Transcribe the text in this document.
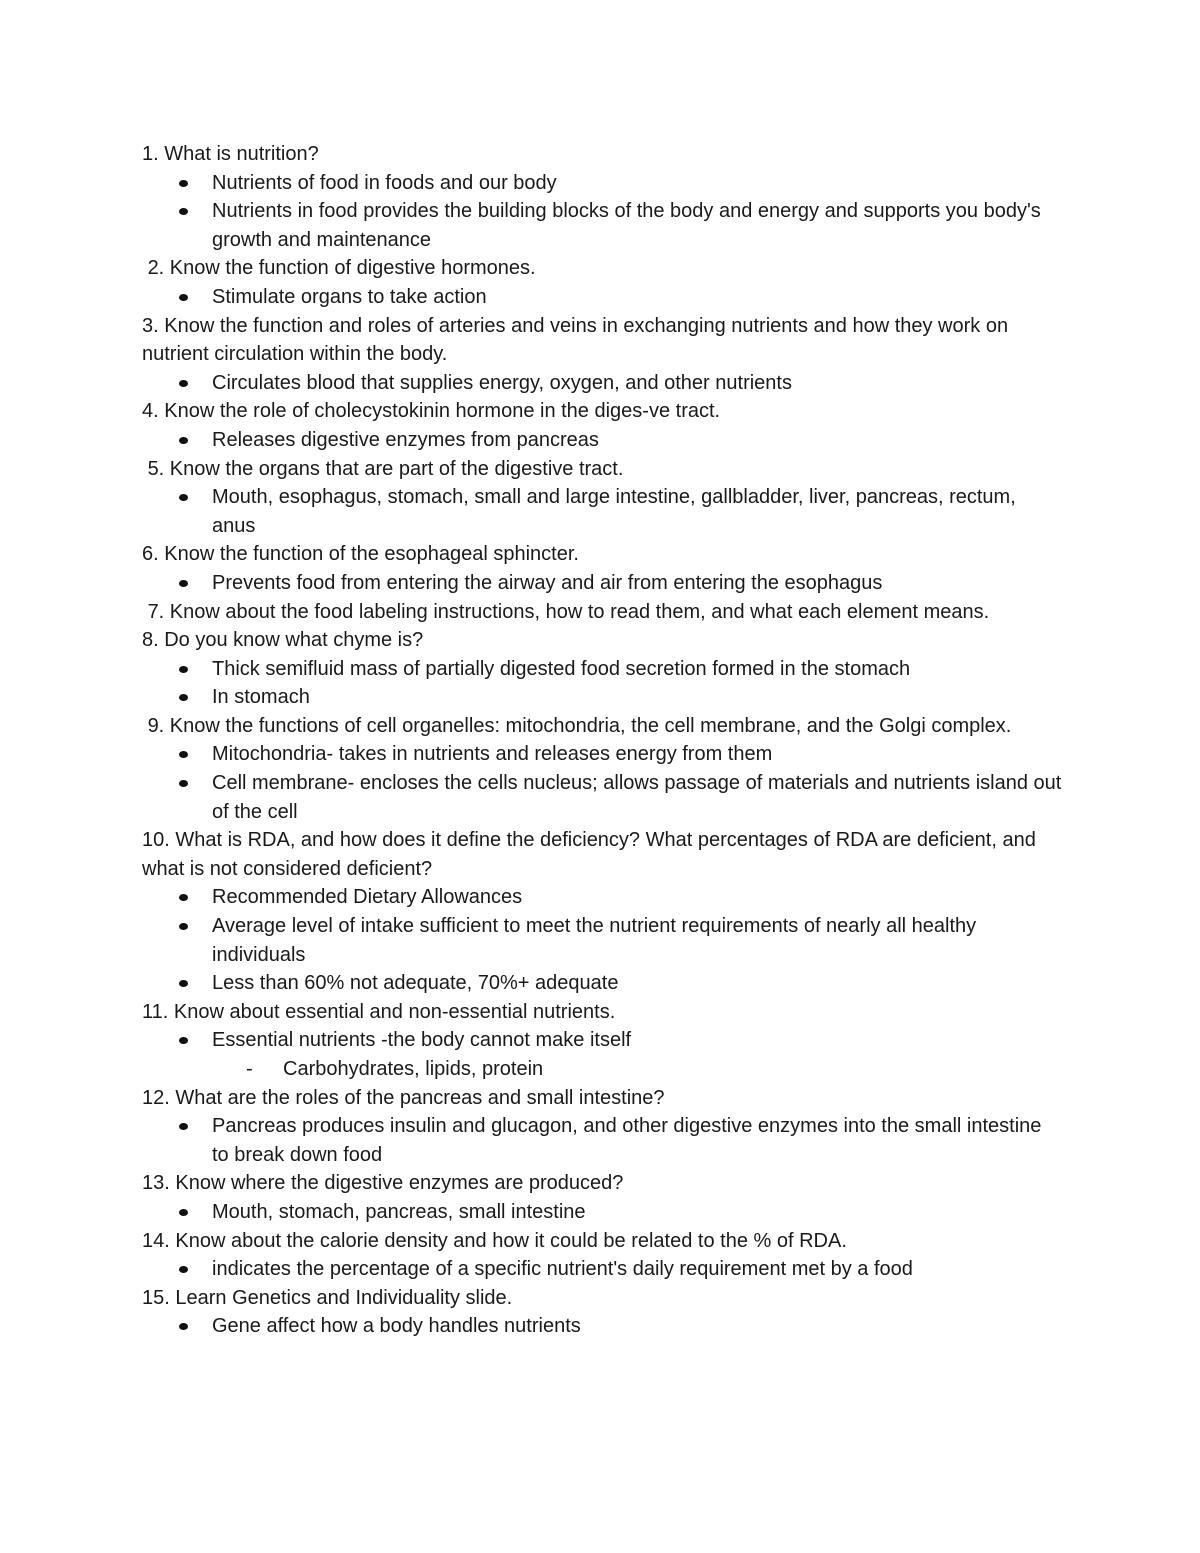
1. What is nutrition?

Nutrients of food in foods and our body
Nutrients in food provides the building blocks of the body and energy and supports you body's growth and maintenance

2. Know the function of digestive hormones.

Stimulate organs to take action

3. Know the function and roles of arteries and veins in exchanging nutrients and how they work on nutrient circulation within the body.

Circulates blood that supplies energy, oxygen, and other nutrients

4. Know the role of cholecystokinin hormone in the diges-ve tract.

Releases digestive enzymes from pancreas

5. Know the organs that are part of the digestive tract.

Mouth, esophagus, stomach, small and large intestine, gallbladder, liver, pancreas, rectum, anus

6. Know the function of the esophageal sphincter.

Prevents food from entering the airway and air from entering the esophagus

7. Know about the food labeling instructions, how to read them, and what each element means.

8. Do you know what chyme is?

Thick semifluid mass of partially digested food secretion formed in the stomach
In stomach

9. Know the functions of cell organelles: mitochondria, the cell membrane, and the Golgi complex.

Mitochondria- takes in nutrients and releases energy from them
Cell membrane- encloses the cells nucleus; allows passage of materials and nutrients island out of the cell

10. What is RDA, and how does it define the deficiency? What percentages of RDA are deficient, and what is not considered deficient?

Recommended Dietary Allowances
Average level of intake sufficient to meet the nutrient requirements of nearly all healthy individuals
Less than 60% not adequate, 70%+ adequate

11. Know about essential and non-essential nutrients.

Essential nutrients -the body cannot make itself
- Carbohydrates, lipids, protein

12. What are the roles of the pancreas and small intestine?

Pancreas produces insulin and glucagon, and other digestive enzymes into the small intestine to break down food

13. Know where the digestive enzymes are produced?

Mouth, stomach, pancreas, small intestine

14. Know about the calorie density and how it could be related to the % of RDA.

indicates the percentage of a specific nutrient's daily requirement met by a food

15. Learn Genetics and Individuality slide.

Gene affect how a body handles nutrients
